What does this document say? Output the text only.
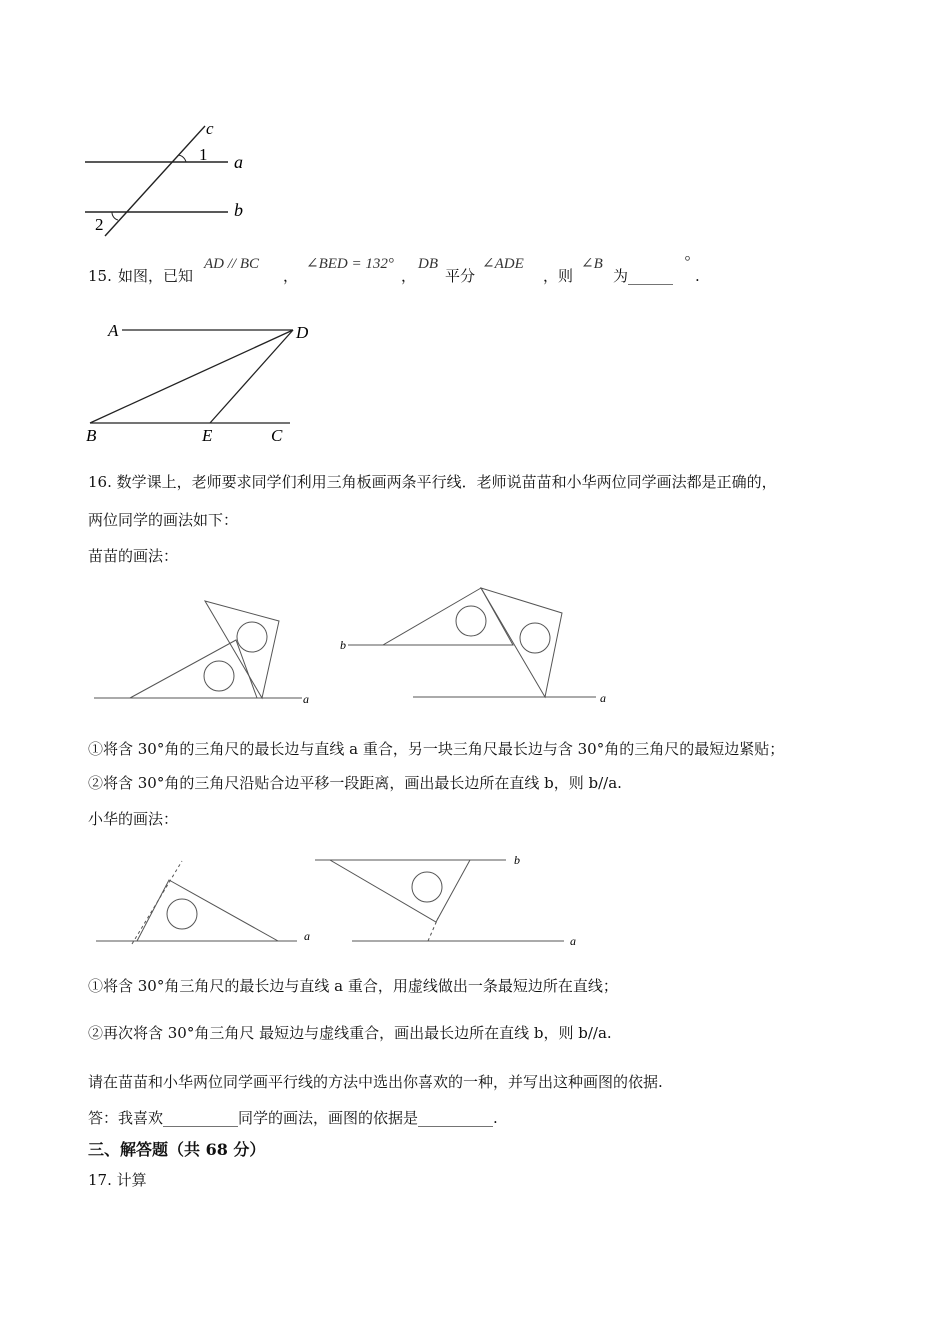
c
1 a
b
2
15. 如图，已知
AD // BC
，
∠BED = 132°
，
DB
平分
∠ADE
，则
∠B
为______
°
.
A	D
B	E	C
16. 数学课上，老师要求同学们利用三角板画两条平行线．老师说苗苗和小华两位同学画法都是正确的，
两位同学的画法如下：
苗苗的画法：
a
b
a
①将含 30°角的三角尺的最长边与直线 a 重合，另一块三角尺最长边与含 30°角的三角尺的最短边紧贴；
②将含 30°角的三角尺沿贴合边平移一段距离，画出最长边所在直线 b，则 b//a.
小华的画法：
a
b
a
①将含 30°角三角尺的最长边与直线 a 重合，用虚线做出一条最短边所在直线；
②再次将含 30°角三角尺 最短边与虚线重合，画出最长边所在直线 b，则 b//a.
请在苗苗和小华两位同学画平行线的方法中选出你喜欢的一种，并写出这种画图的依据.
答：我喜欢__________同学的画法，画图的依据是__________.
三、解答题（共 68 分）
17. 计算
